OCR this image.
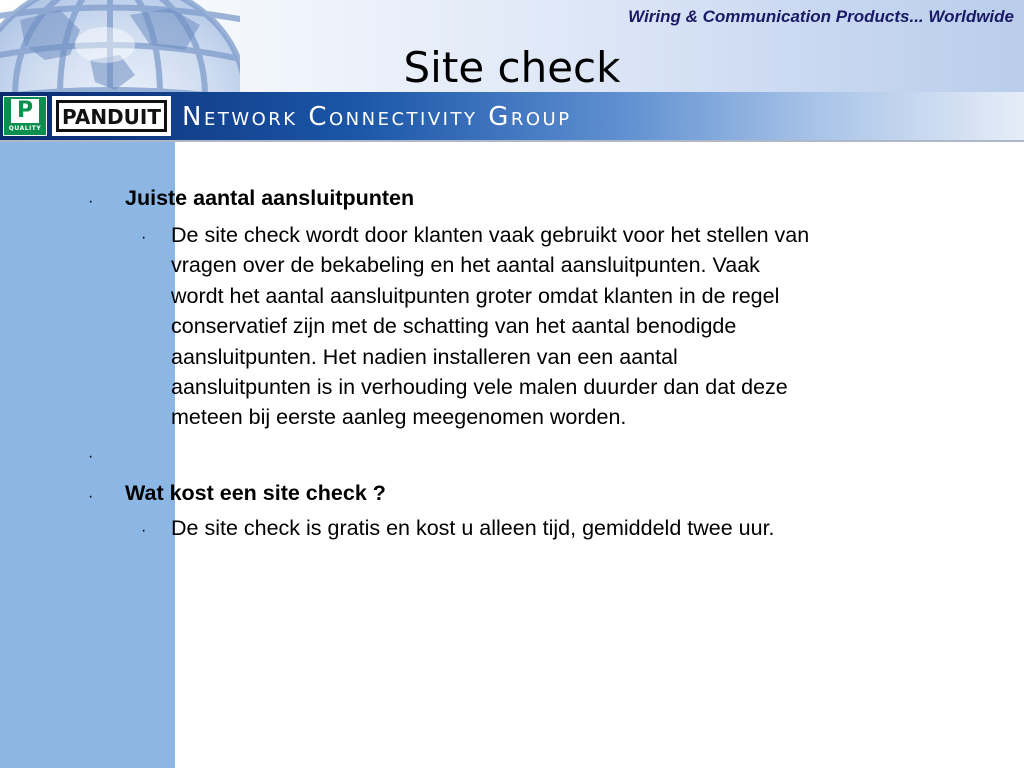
Wiring & Communication Products... Worldwide
Site check
P
QUALITY PANDUIT Network Connectivity Group
· Juiste aantal aansluitpunten
· De site check wordt door klanten vaak gebruikt voor het stellen van
vragen over de bekabeling en het aantal aansluitpunten. Vaak
wordt het aantal aansluitpunten groter omdat klanten in de regel
conservatief zijn met de schatting van het aantal benodigde
aansluitpunten. Het nadien installeren van een aantal
aansluitpunten is in verhouding vele malen duurder dan dat deze
meteen bij eerste aanleg meegenomen worden.
·
· Wat kost een site check ?
· De site check is gratis en kost u alleen tijd, gemiddeld twee uur.
